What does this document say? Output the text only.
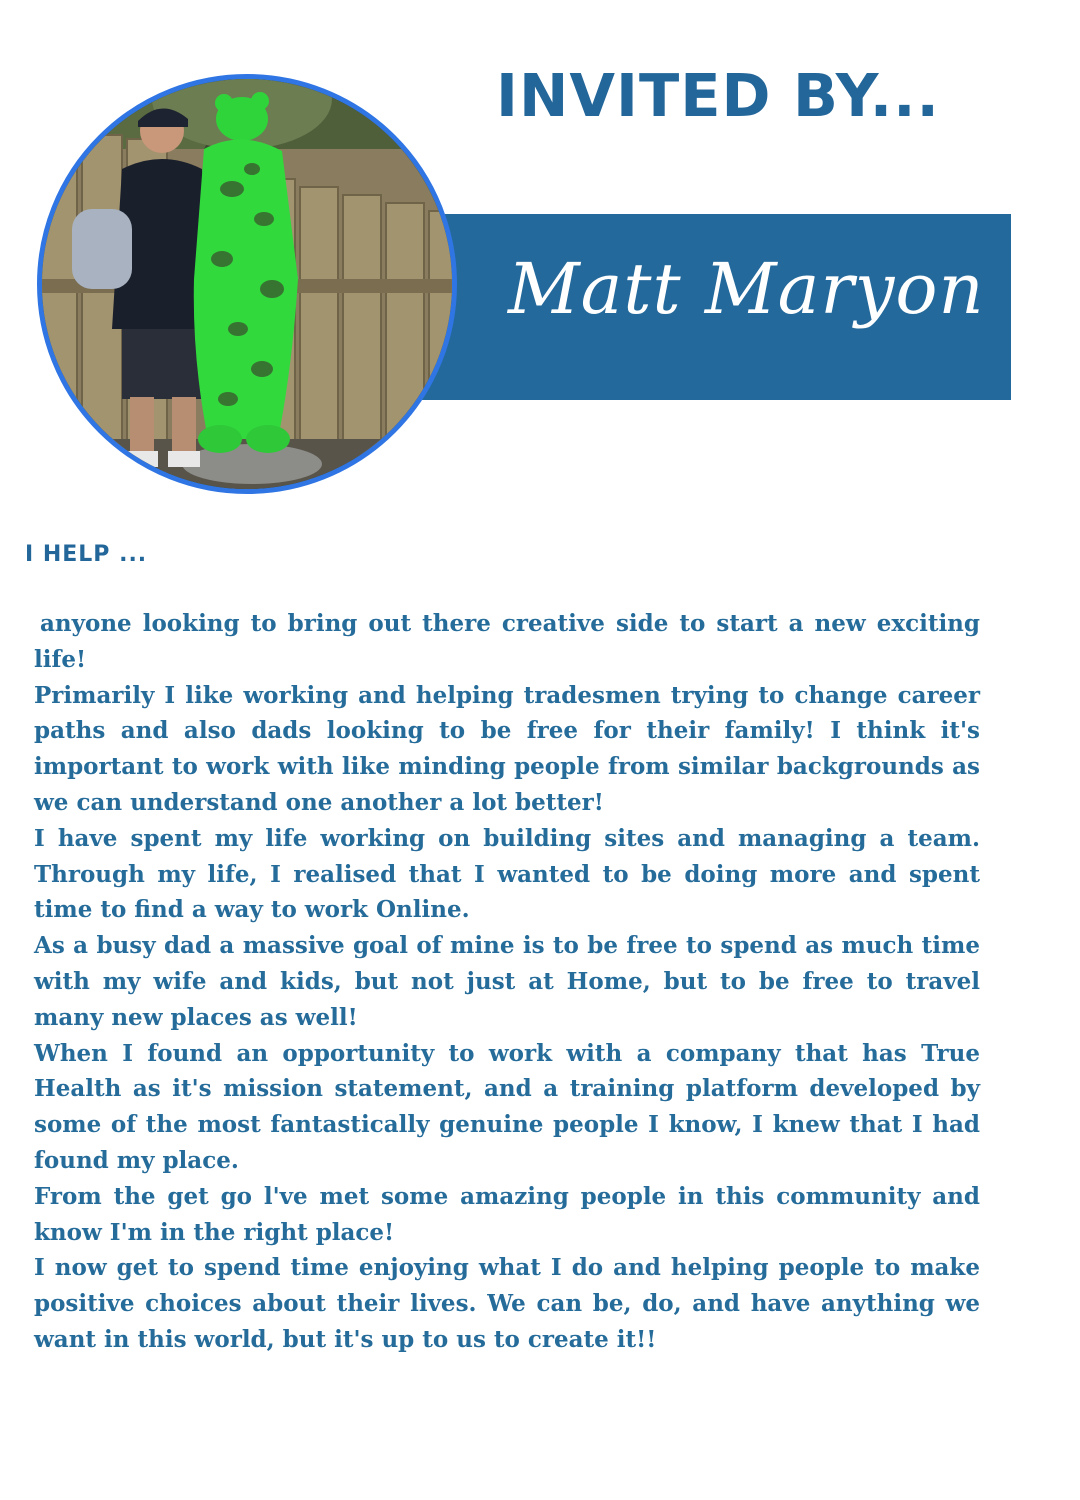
INVITED BY...
Matt Maryon
I HELP ...

anyone looking to bring out there creative side to start a new exciting life!

Primarily I like working and helping tradesmen trying to change career paths and also dads looking to be free for their family! I think it's important to work with like minding people from similar backgrounds as we can understand one another a lot better!

I have spent my life working on building sites and managing a team. Through my life, I realised that I wanted to be doing more and spent time to find a way to work Online.

As a busy dad a massive goal of mine is to be free to spend as much time with my wife and kids, but not just at Home, but to be free to travel many new places as well!

When I found an opportunity to work with a company that has True Health as it's mission statement, and a training platform developed by some of the most fantastically genuine people I know, I knew that I had found my place.

From the get go l've met some amazing people in this community and know I'm in the right place!

I now get to spend time enjoying what I do and helping people to make positive choices about their lives. We can be, do, and have anything we want in this world, but it's up to us to create it!!
